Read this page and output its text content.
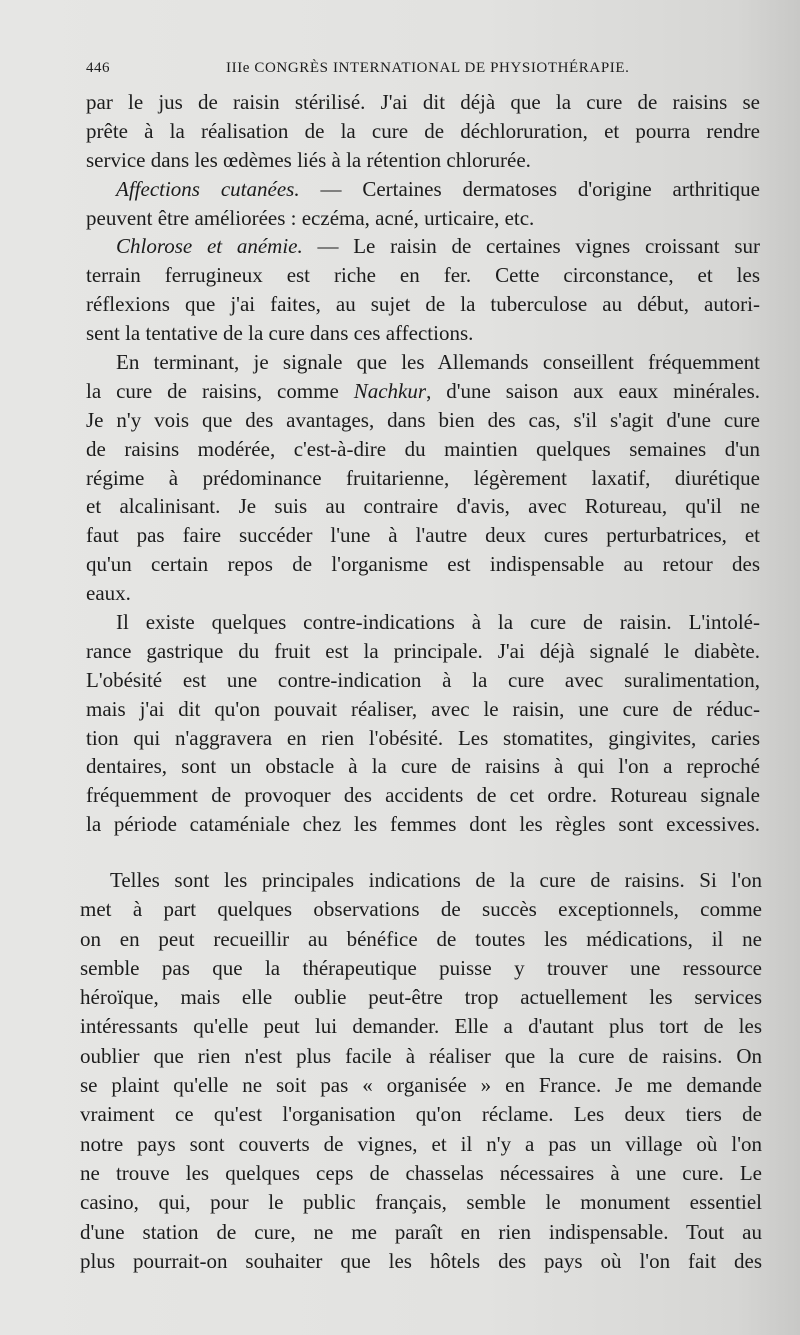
446	IIIe CONGRÈS INTERNATIONAL DE PHYSIOTHÉRAPIE.
par le jus de raisin stérilisé. J'ai dit déjà que la cure de raisins se
prête à la réalisation de la cure de déchloruration, et pourra rendre
service dans les œdèmes liés à la rétention chlorurée.
Affections cutanées. — Certaines dermatoses d'origine arthritique
peuvent être améliorées : eczéma, acné, urticaire, etc.
Chlorose et anémie. — Le raisin de certaines vignes croissant sur
terrain ferrugineux est riche en fer. Cette circonstance, et les
réflexions que j'ai faites, au sujet de la tuberculose au début, autori-
sent la tentative de la cure dans ces affections.
En terminant, je signale que les Allemands conseillent fréquemment
la cure de raisins, comme Nachkur, d'une saison aux eaux minérales.
Je n'y vois que des avantages, dans bien des cas, s'il s'agit d'une cure
de raisins modérée, c'est-à-dire du maintien quelques semaines d'un
régime à prédominance fruitarienne, légèrement laxatif, diurétique
et alcalinisant. Je suis au contraire d'avis, avec Rotureau, qu'il ne
faut pas faire succéder l'une à l'autre deux cures perturbatrices, et
qu'un certain repos de l'organisme est indispensable au retour des
eaux.
Il existe quelques contre-indications à la cure de raisin. L'intolé-
rance gastrique du fruit est la principale. J'ai déjà signalé le diabète.
L'obésité est une contre-indication à la cure avec suralimentation,
mais j'ai dit qu'on pouvait réaliser, avec le raisin, une cure de réduc-
tion qui n'aggravera en rien l'obésité. Les stomatites, gingivites, caries
dentaires, sont un obstacle à la cure de raisins à qui l'on a reproché
fréquemment de provoquer des accidents de cet ordre. Rotureau signale
la période cataméniale chez les femmes dont les règles sont excessives.
Telles sont les principales indications de la cure de raisins. Si l'on
met à part quelques observations de succès exceptionnels, comme
on en peut recueillir au bénéfice de toutes les médications, il ne
semble pas que la thérapeutique puisse y trouver une ressource
héroïque, mais elle oublie peut-être trop actuellement les services
intéressants qu'elle peut lui demander. Elle a d'autant plus tort de les
oublier que rien n'est plus facile à réaliser que la cure de raisins. On
se plaint qu'elle ne soit pas « organisée » en France. Je me demande
vraiment ce qu'est l'organisation qu'on réclame. Les deux tiers de
notre pays sont couverts de vignes, et il n'y a pas un village où l'on
ne trouve les quelques ceps de chasselas nécessaires à une cure. Le
casino, qui, pour le public français, semble le monument essentiel
d'une station de cure, ne me paraît en rien indispensable. Tout au
plus pourrait-on souhaiter que les hôtels des pays où l'on fait des
